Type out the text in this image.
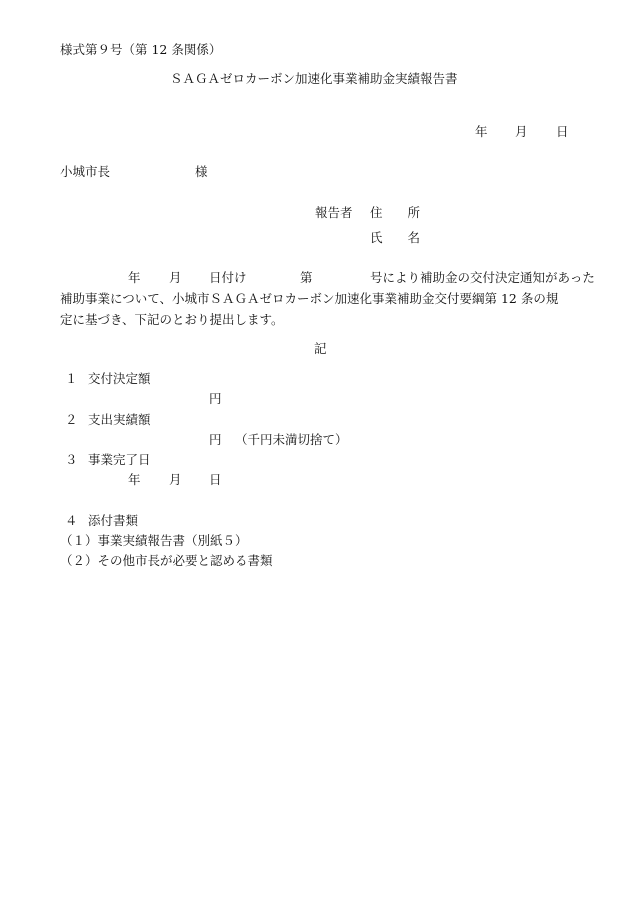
様式第９号（第 12 条関係）
ＳＡＧＡゼロカーボン加速化事業補助金実績報告書
年 月 日
小城市長	様
報告者 住　　所
氏　　名
年 月 日付け	第	号により補助金の交付決定通知があった
補助事業について、小城市ＳＡＧＡゼロカーボン加速化事業補助金交付要綱第 12 条の規
定に基づき、下記のとおり提出します。
記
１ 交付決定額
円
２ 支出実績額
円 （千円未満切捨て）
３ 事業完了日
年 月 日
４ 添付書類
（１）事業実績報告書（別紙５）
（２）その他市長が必要と認める書類
